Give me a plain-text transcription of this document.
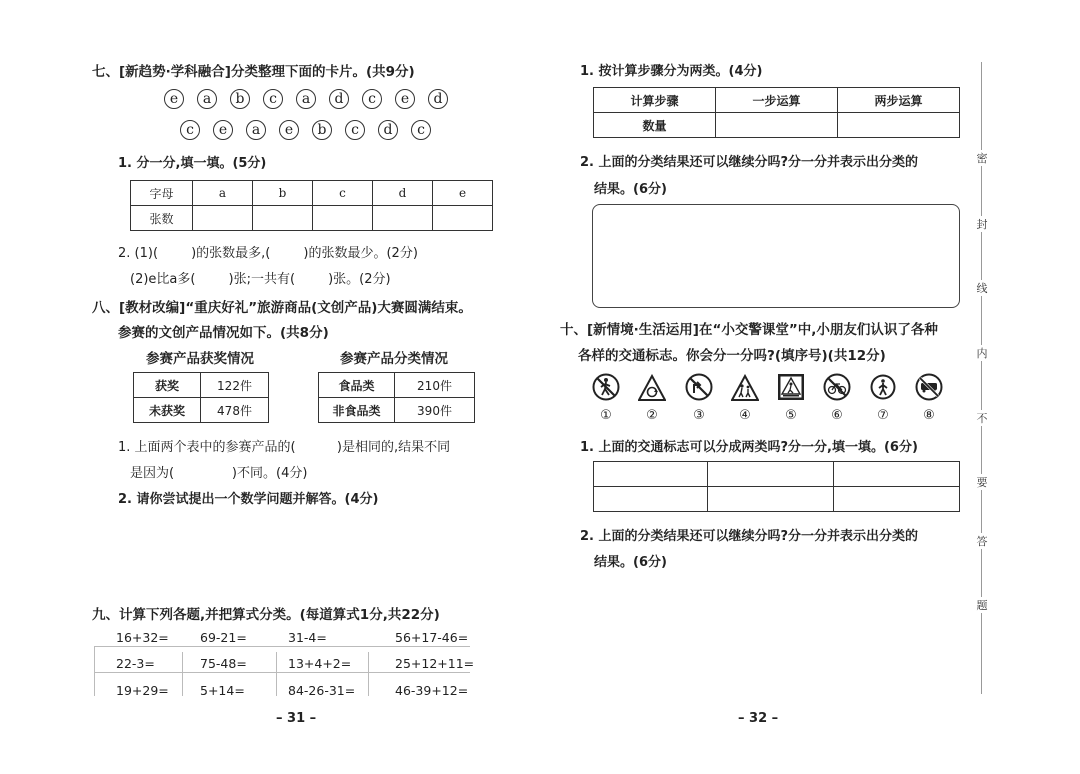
七、[新趋势·学科融合]分类整理下面的卡片。(共9分)
e	a	b	c	a	d	c	e	d
c	e	a	e	b	c	d	c
1. 分一分,填一填。(5分)
字母	a	b	c	d	e
张数					
2. (1)(        )的张数最多,(        )的张数最少。(2分)
(2)e比a多(        )张;一共有(        )张。(2分)
八、[教材改编]“重庆好礼”旅游商品(文创产品)大赛圆满结束。
参赛的文创产品情况如下。(共8分)
参赛产品获奖情况	参赛产品分类情况
获奖	122件
未获奖	478件
食品类	210件
非食品类	390件
1. 上面两个表中的参赛产品的(          )是相同的,结果不同
是因为(              )不同。(4分)
2. 请你尝试提出一个数学问题并解答。(4分)
九、计算下列各题,并把算式分类。(每道算式1分,共22分)
16+32= 69-21=	31-4=	56+17-46=
22-3=	75-48=	13+4+2=	25+12+11=
19+29= 5+14=	84-26-31=	46-39+12=
– 31 –
1. 按计算步骤分为两类。(4分)
计算步骤	一步运算	两步运算
数量		
2. 上面的分类结果还可以继续分吗?分一分并表示出分类的
结果。(6分)
十、[新情境·生活运用]在“小交警课堂”中,小朋友们认识了各种
各样的交通标志。你会分一分吗?(填序号)(共12分)
①	②	③	④	⑤	⑥	⑦	⑧
1. 上面的交通标志可以分成两类吗?分一分,填一填。(6分)

2. 上面的分类结果还可以继续分吗?分一分并表示出分类的
结果。(6分)
– 32 –
密
封
线
内
不
要
答
题
